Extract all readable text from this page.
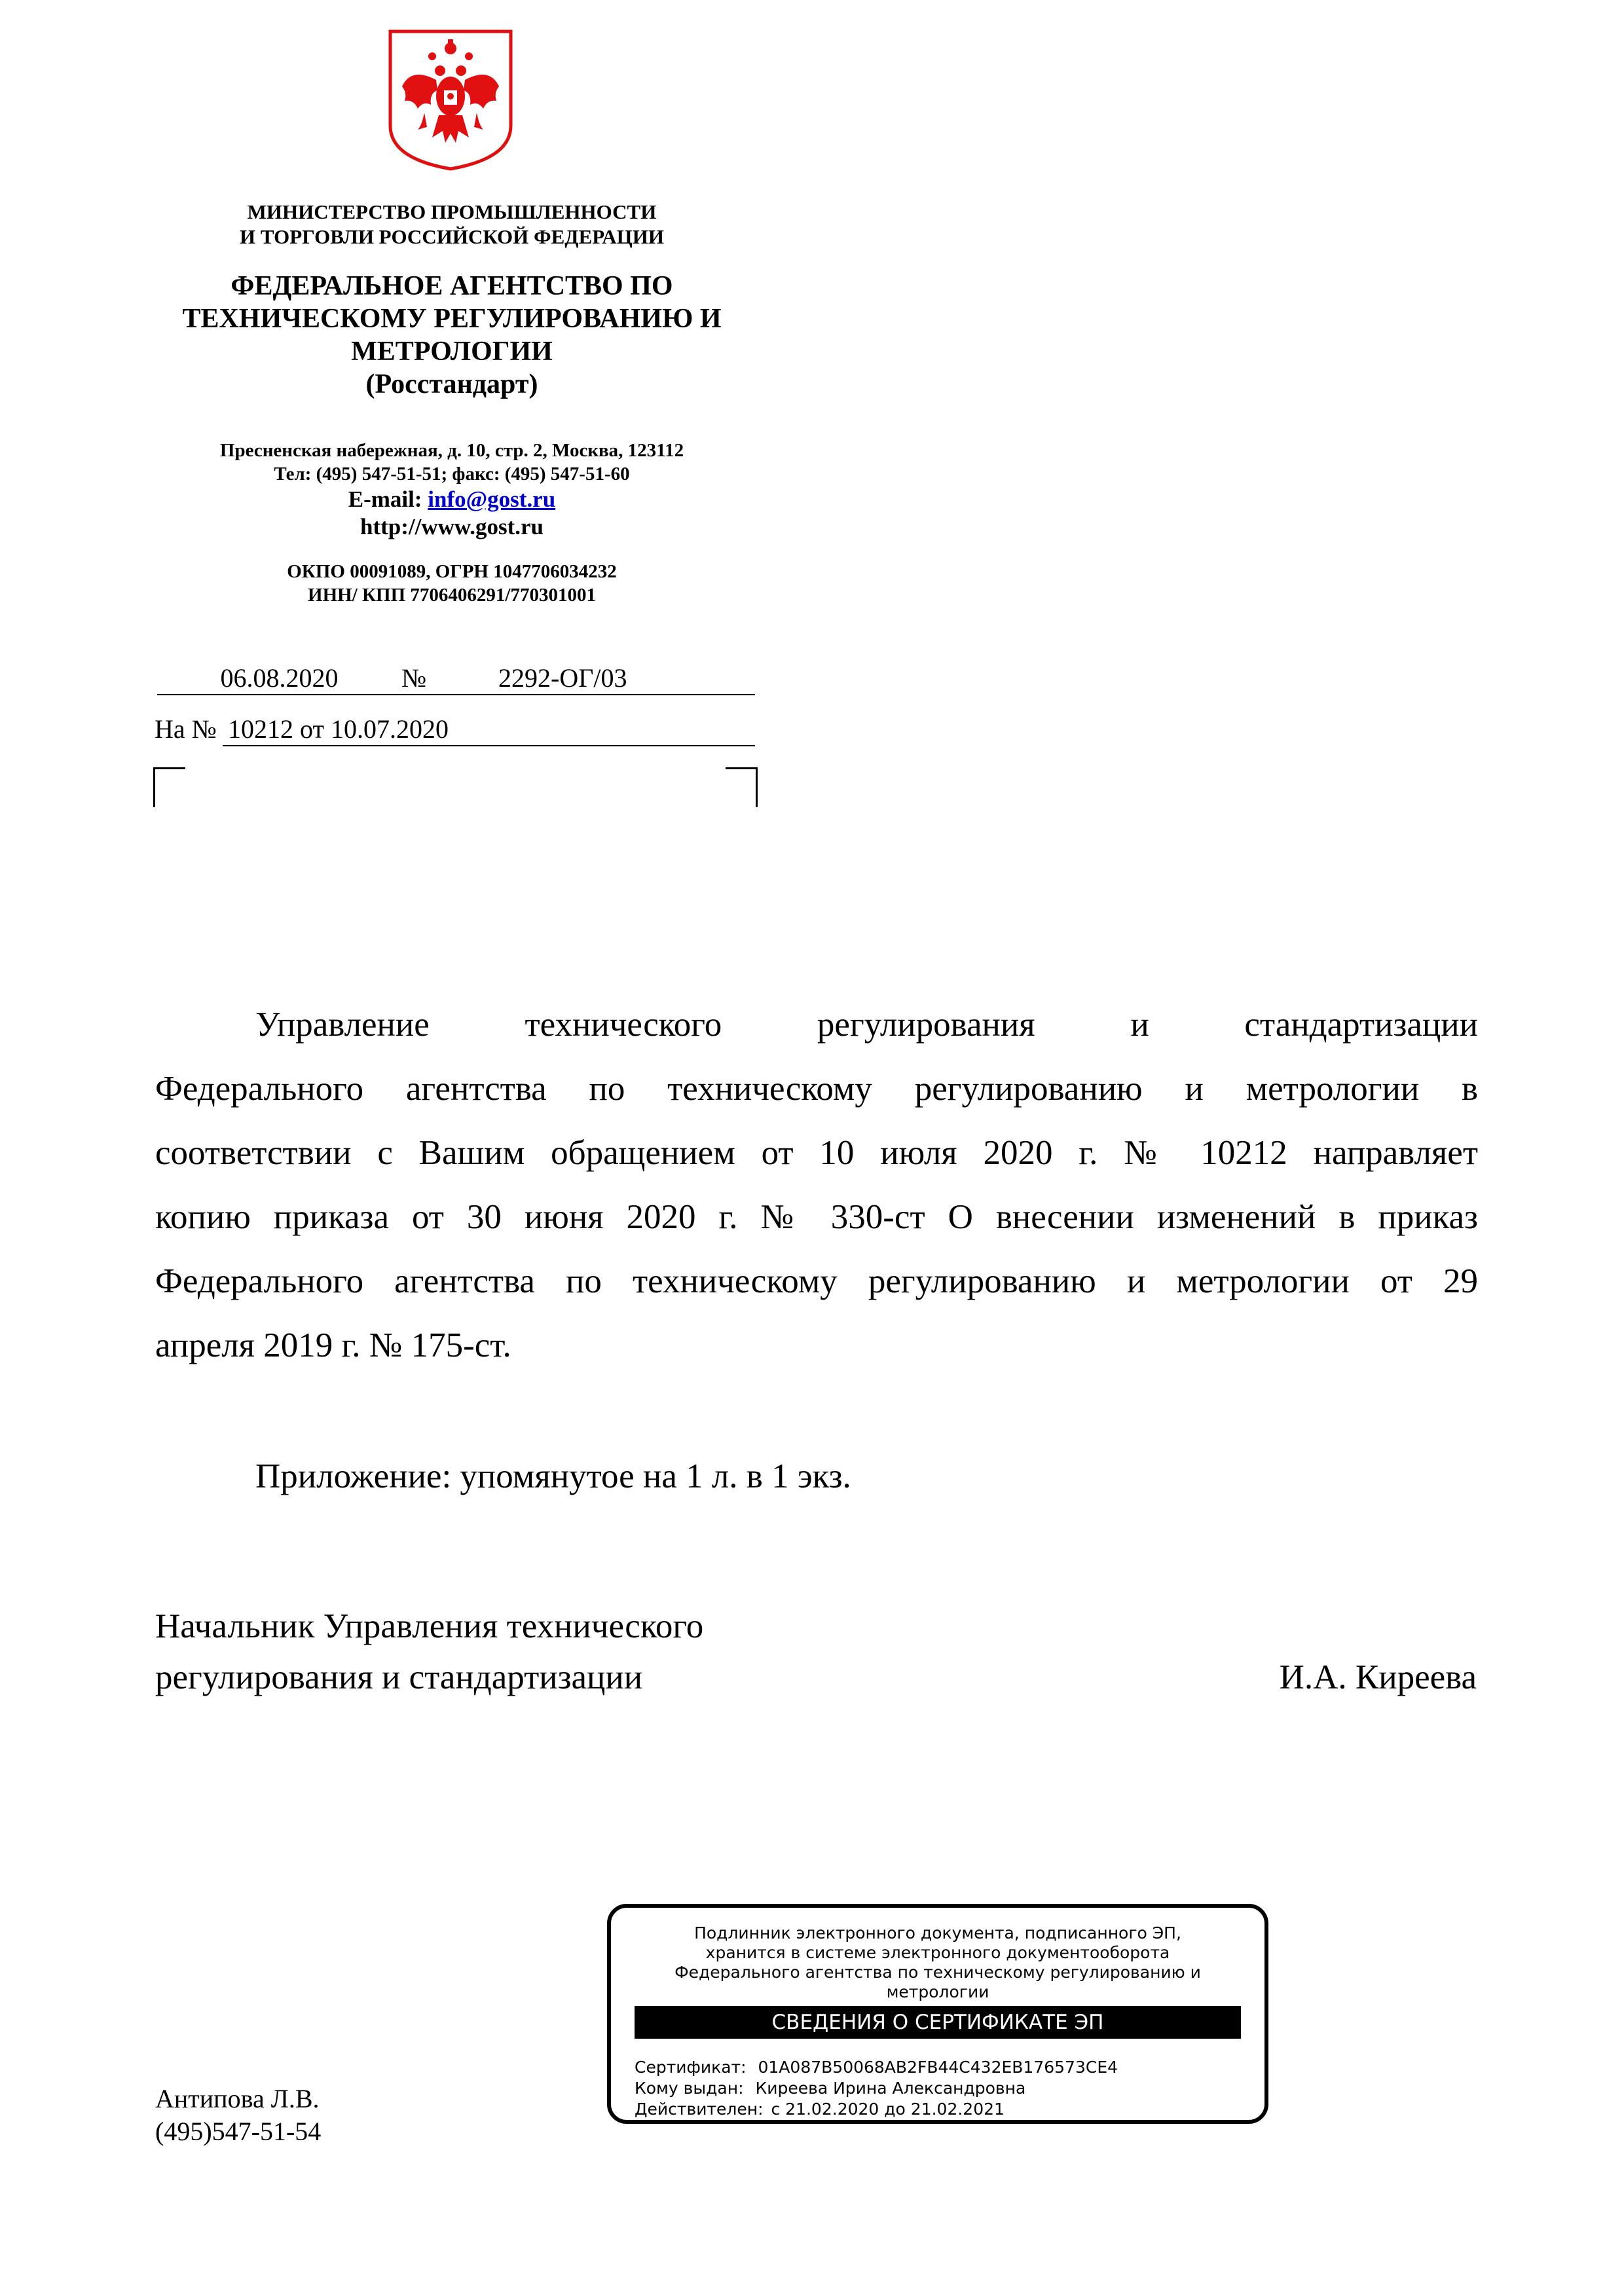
МИНИСТЕРСТВО ПРОМЫШЛЕННОСТИ
И ТОРГОВЛИ РОССИЙСКОЙ ФЕДЕРАЦИИ
ФЕДЕРАЛЬНОЕ АГЕНТСТВО ПО
ТЕХНИЧЕСКОМУ РЕГУЛИРОВАНИЮ И
МЕТРОЛОГИИ
(Росстандарт)
Пресненская набережная, д. 10, стр. 2, Москва, 123112
Тел: (495) 547-51-51; факс: (495) 547-51-60
E-mail: info@gost.ru
http://www.gost.ru
ОКПО 00091089, ОГРН 1047706034232
ИНН/ КПП 7706406291/770301001
06.08.2020	№	2292-ОГ/03
На № 10212 от 10.07.2020
Управление технического регулирования и стандартизации
Федерального агентства по техническому регулированию и метрологии в
соответствии с Вашим обращением от 10 июля 2020 г. № 10212 направляет
копию приказа от 30 июня 2020 г. № 330-ст О внесении изменений в приказ
Федерального агентства по техническому регулированию и метрологии от 29
апреля 2019 г. № 175-ст.
Приложение: упомянутое на 1 л. в 1 экз.
Начальник Управления технического
регулирования и стандартизации	И.А. Киреева
Подлинник электронного документа, подписанного ЭП,
хранится в системе электронного документооборота
Федерального агентства по техническому регулированию и
метрологии
СВЕДЕНИЯ О СЕРТИФИКАТЕ ЭП
Сертификат: 01A087B50068AB2FB44C432EB176573CE4
Кому выдан: Киреева Ирина Александровна
Действителен: с 21.02.2020 до 21.02.2021
Антипова Л.В.
(495)547-51-54
